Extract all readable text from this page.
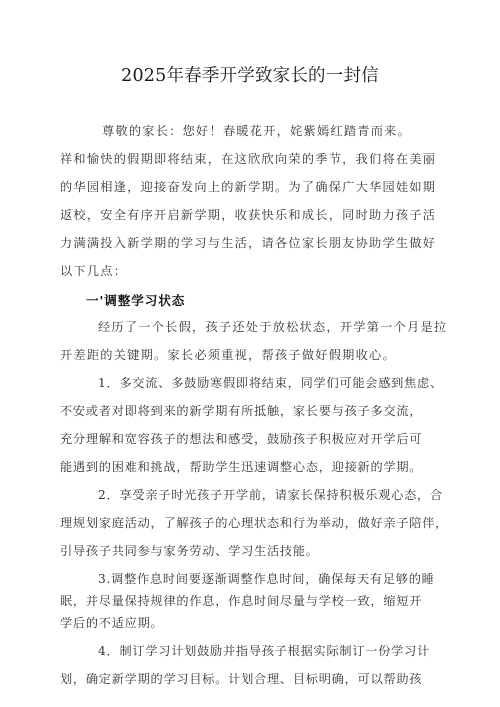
2025年春季开学致家长的一封信
尊敬的家长：您好！春暖花开，姹紫嫣红踏青而来。
祥和愉快的假期即将结束，在这欣欣向荣的季节，我们将在美丽
的华园相逢，迎接奋发向上的新学期。为了确保广大华园娃如期
返校，安全有序开启新学期，收获快乐和成长，同时助力孩子活
力满满投入新学期的学习与生活，请各位家长朋友协助学生做好
以下几点：
一'调整学习状态
经历了一个长假，孩子还处于放松状态，开学第一个月是拉
开差距的关键期。家长必须重视，帮孩子做好假期收心。
1．多交流、多鼓励寒假即将结束，同学们可能会感到焦虑、
不安或者对即将到来的新学期有所抵触，家长要与孩子多交流，
充分理解和宽容孩子的想法和感受，鼓励孩子积极应对开学后可
能遇到的困难和挑战，帮助学生迅速调整心态，迎接新的学期。
2．享受亲子时光孩子开学前，请家长保持积极乐观心态，合
理规划家庭活动，了解孩子的心理状态和行为举动，做好亲子陪伴，
引导孩子共同参与家务劳动、学习生活技能。
3.调整作息时间要逐渐调整作息时间，确保每天有足够的睡
眠，并尽量保持规律的作息，作息时间尽量与学校一致，缩短开
学后的不适应期。
4．制订学习计划鼓励并指导孩子根据实际制订一份学习计
划，确定新学期的学习目标。计划合理、目标明确，可以帮助孩
